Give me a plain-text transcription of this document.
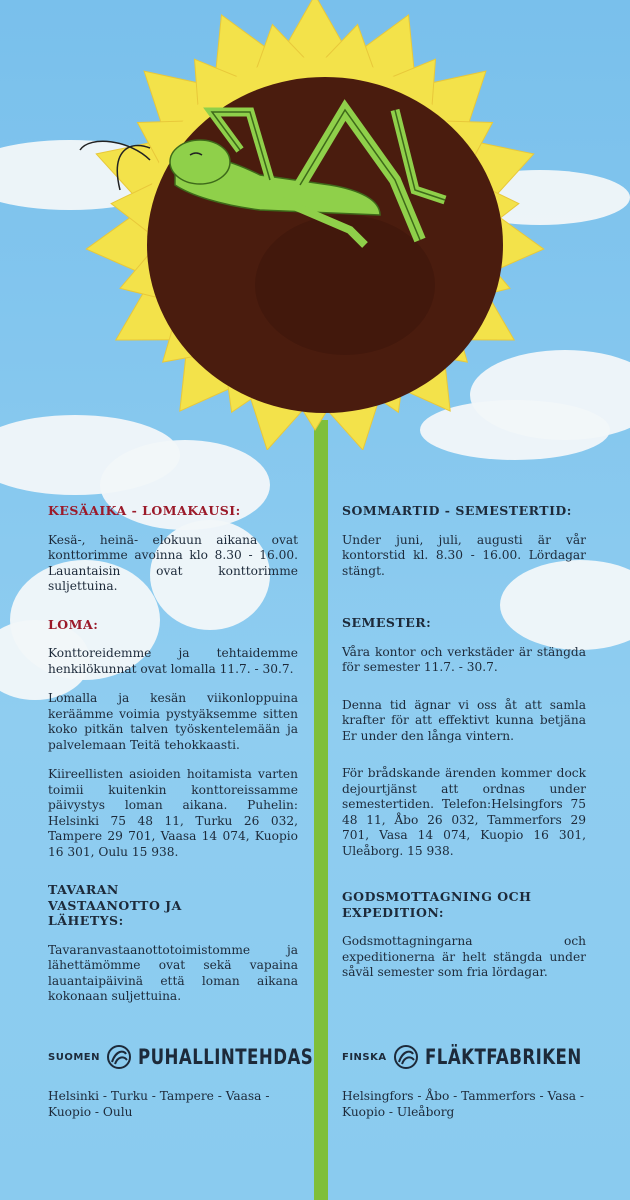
KESÄAIKA - LOMAKAUSI:

Kesä-, heinä- elokuun aikana ovat konttorimme avoinna klo 8.30 - 16.00. Lauantaisin ovat konttorimme suljettuina.

LOMA:

Konttoreidemme ja tehtaidemme henkilökunnat ovat lomalla 11.7. - 30.7.

Lomalla ja kesän viikonloppuina keräämme voimia pystyäksemme sitten koko pitkän talven työskentelemään ja palvelemaan Teitä tehokkaasti.

Kiireellisten asioiden hoitamista varten toimii kuitenkin konttoreissamme päivystys loman aikana. Puhelin: Helsinki 75 48 11, Turku 26 032, Tampere 29 701, Vaasa 14 074, Kuopio 16 301, Oulu 15 938.

TAVARAN VASTAANOTTO JA LÄHETYS:

Tavaranvastaanottotoimistomme ja lähettämömme ovat sekä vapaina lauantaipäivinä että loman aikana kokonaan suljettuina.

SOMMARTID - SEMESTERTID:

Under juni, juli, augusti är vår kontorstid kl. 8.30 - 16.00. Lördagar stängt.

SEMESTER:

Våra kontor och verkstäder är stängda för semester 11.7. - 30.7.

Denna tid ägnar vi oss åt att samla krafter för att effektivt kunna betjäna Er under den långa vintern.

För brådskande ärenden kommer dock dejourtjänst att ordnas under semestertiden. Telefon:Helsingfors 75 48 11, Åbo 26 032, Tammerfors 29 701, Vasa 14 074, Kuopio 16 301, Uleåborg. 15 938.

GODSMOTTAGNING OCH EXPEDITION:

Godsmottagningarna och expeditionerna är helt stängda under såväl semester som fria lördagar.

SUOMEN PUHALLINTEHDAS
Helsinki - Turku - Tampere - Vaasa - Kuopio - Oulu
FINSKA FLÄKTFABRIKEN
Helsingfors - Åbo - Tammerfors - Vasa - Kuopio - Uleåborg
